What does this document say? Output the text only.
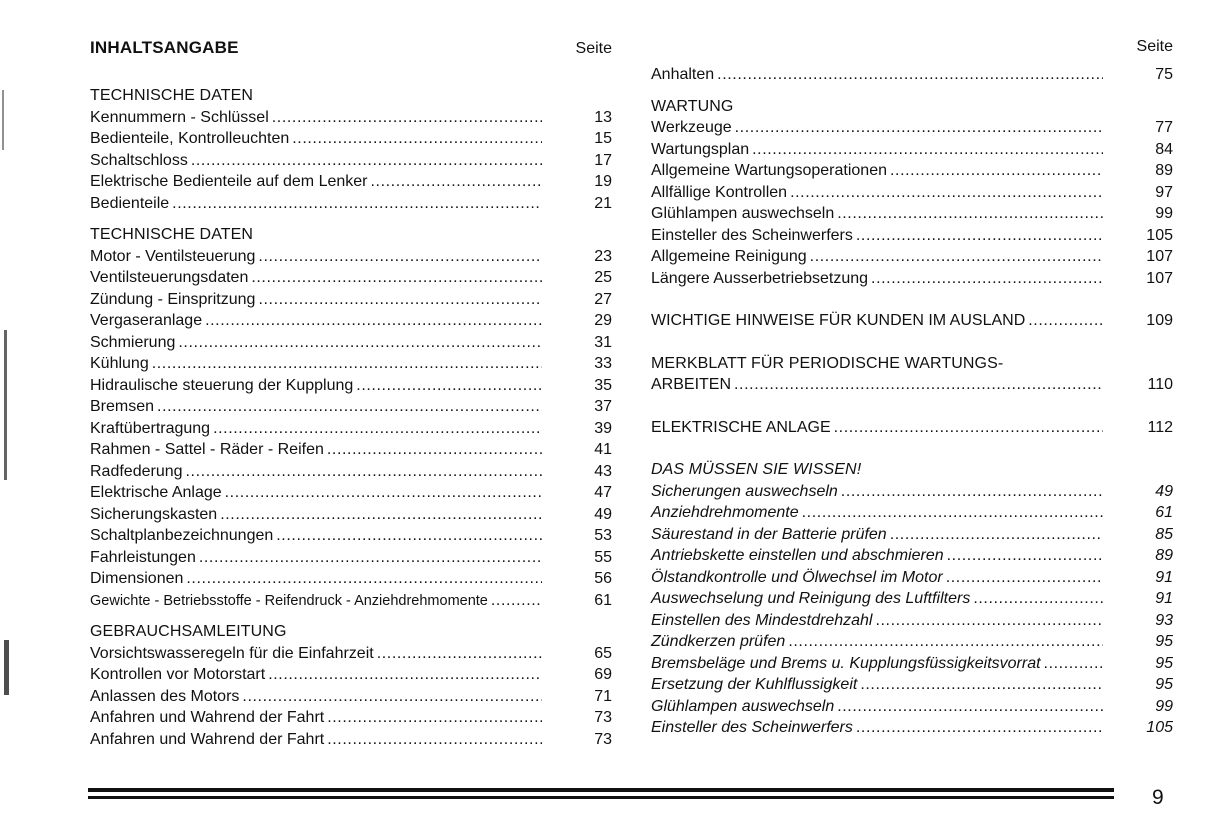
INHALTSANGABE	Seite
TECHNISCHE DATEN
Kennummern - Schlüssel .....	13
Bedienteile, Kontrolleuchten .....	15
Schaltschloss .....	17
Elektrische Bedienteile auf dem Lenker .....	19
Bedienteile .....	21
TECHNISCHE DATEN
Motor - Ventilsteuerung .....	23
Ventilsteuerungsdaten .....	25
Zündung - Einspritzung .....	27
Vergaseranlage .....	29
Schmierung .....	31
Kühlung .....	33
Hidraulische steuerung der Kupplung .....	35
Bremsen .....	37
Kraftübertragung .....	39
Rahmen - Sattel - Räder - Reifen .....	41
Radfederung .....	43
Elektrische Anlage .....	47
Sicherungskasten .....	49
Schaltplanbezeichnungen .....	53
Fahrleistungen .....	55
Dimensionen .....	56
Gewichte - Betriebsstoffe - Reifendruck - Anziehdrehmomente .....	61
GEBRAUCHSAMLEITUNG
Vorsichtswasseregeln für die Einfahrzeit .....	65
Kontrollen vor Motorstart .....	69
Anlassen des Motors .....	71
Anfahren und Wahrend der Fahrt .....	73
Anfahren und Wahrend der Fahrt .....	73
Seite
Anhalten .....	75
WARTUNG
Werkzeuge .....	77
Wartungsplan .....	84
Allgemeine Wartungsoperationen .....	89
Allfällige Kontrollen .....	97
Glühlampen auswechseln .....	99
Einsteller des Scheinwerfers .....	105
Allgemeine Reinigung .....	107
Längere Ausserbetriebsetzung .....	107
WICHTIGE HINWEISE FÜR KUNDEN IM AUSLAND .....	109
MERKBLATT FÜR PERIODISCHE WARTUNGS-
ARBEITEN .....	110
ELEKTRISCHE ANLAGE .....	112
DAS MÜSSEN SIE WISSEN!
Sicherungen auswechseln .....	49
Anziehdrehmomente .....	61
Säurestand in der Batterie prüfen .....	85
Antriebskette einstellen und abschmieren .....	89
Ölstandkontrolle und Ölwechsel im Motor .....	91
Auswechselung und Reinigung des Luftfilters .....	91
Einstellen des Mindestdrehzahl .....	93
Zündkerzen prüfen .....	95
Bremsbeläge und Brems u. Kupplungsfüssigkeitsvorrat .....	95
Ersetzung der Kuhlflussigkeit .....	95
Glühlampen auswechseln .....	99
Einsteller des Scheinwerfers .....	105
9
